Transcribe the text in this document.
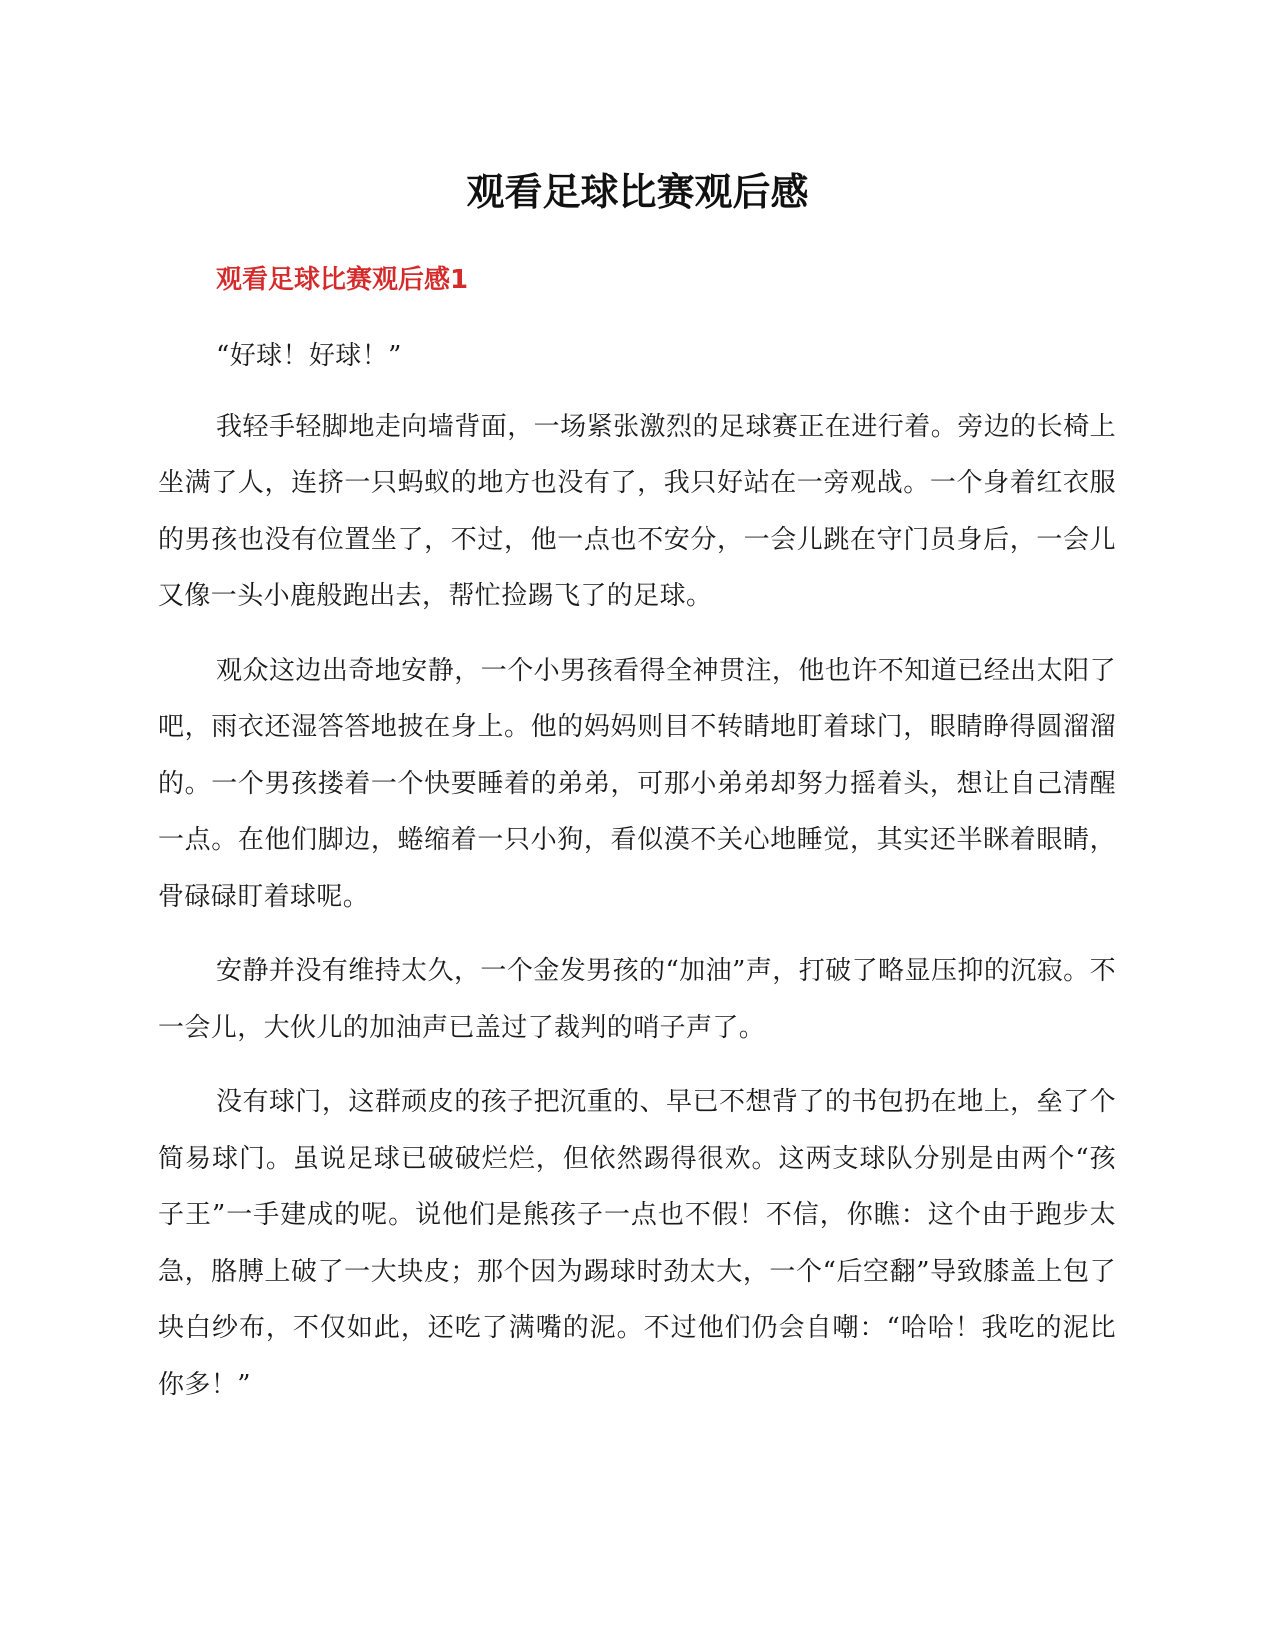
观看足球比赛观后感
观看足球比赛观后感1

“好球！好球！”

我轻手轻脚地走向墙背面，一场紧张激烈的足球赛正在进行着。旁边的长椅上坐满了人，连挤一只蚂蚁的地方也没有了，我只好站在一旁观战。一个身着红衣服的男孩也没有位置坐了，不过，他一点也不安分，一会儿跳在守门员身后，一会儿又像一头小鹿般跑出去，帮忙捡踢飞了的足球。

观众这边出奇地安静，一个小男孩看得全神贯注，他也许不知道已经出太阳了吧，雨衣还湿答答地披在身上。他的妈妈则目不转睛地盯着球门，眼睛睁得圆溜溜的。一个男孩搂着一个快要睡着的弟弟，可那小弟弟却努力摇着头，想让自己清醒一点。在他们脚边，蜷缩着一只小狗，看似漠不关心地睡觉，其实还半眯着眼睛，骨碌碌盯着球呢。

安静并没有维持太久，一个金发男孩的“加油”声，打破了略显压抑的沉寂。不一会儿，大伙儿的加油声已盖过了裁判的哨子声了。

没有球门，这群顽皮的孩子把沉重的、早已不想背了的书包扔在地上，垒了个简易球门。虽说足球已破破烂烂，但依然踢得很欢。这两支球队分别是由两个“孩子王”一手建成的呢。说他们是熊孩子一点也不假！不信，你瞧：这个由于跑步太急，胳膊上破了一大块皮；那个因为踢球时劲太大，一个“后空翻”导致膝盖上包了块白纱布，不仅如此，还吃了满嘴的泥。不过他们仍会自嘲：“哈哈！我吃的泥比你多！”
